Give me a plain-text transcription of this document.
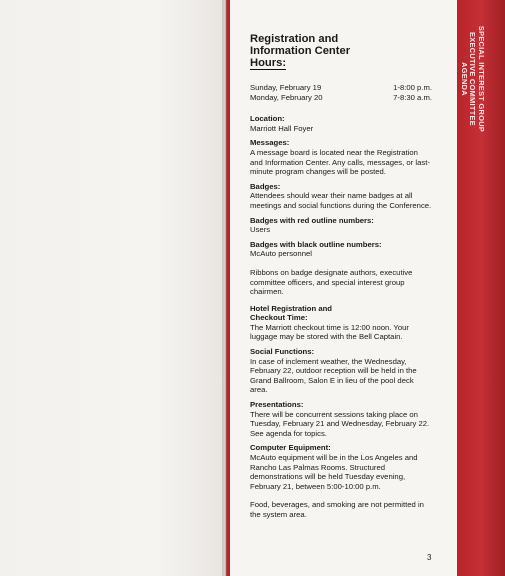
SPECIAL INTEREST GROUP
EXECUTIVE COMMITTEE
AGENDA
Registration and
Information Center
Hours:
Sunday, February 19	1-8:00 p.m.
Monday, February 20	7-8:30 a.m.
Location:
Marriott Hall Foyer
Messages:
A message board is located near the Registration and Information Center. Any calls, messages, or last-minute program changes will be posted.
Badges:
Attendees should wear their name badges at all meetings and social functions during the Conference.
Badges with red outline numbers:
Users
Badges with black outline numbers:
McAuto personnel
Ribbons on badge designate authors, executive committee officers, and special interest group chairmen.
Hotel Registration and
Checkout Time:
The Marriott checkout time is 12:00 noon. Your luggage may be stored with the Bell Captain.
Social Functions:
In case of inclement weather, the Wednesday, February 22, outdoor reception will be held in the Grand Ballroom, Salon E in lieu of the pool deck area.
Presentations:
There will be concurrent sessions taking place on Tuesday, February 21 and Wednesday, February 22. See agenda for topics.
Computer Equipment:
McAuto equipment will be in the Los Angeles and Rancho Las Palmas Rooms. Structured demonstrations will be held Tuesday evening, February 21, between 5:00-10:00 p.m.
Food, beverages, and smoking are not permitted in the system area.
3
